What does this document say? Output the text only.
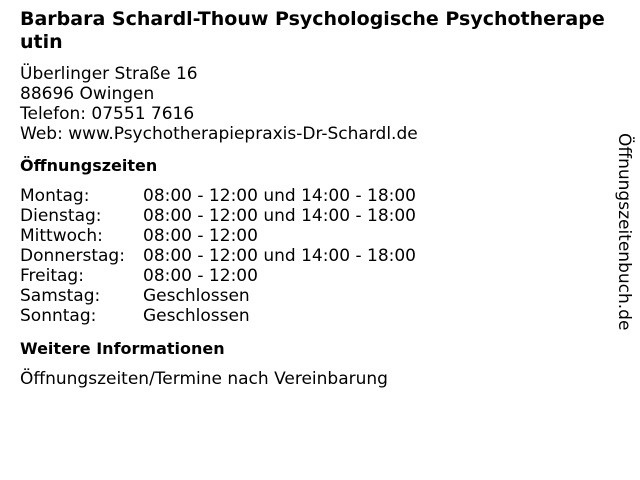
Barbara Schardl-Thouw Psychologische Psychotherapeutin
Überlinger Straße 16
88696 Owingen
Telefon: 07551 7616
Web: www.Psychotherapiepraxis-Dr-Schardl.de
Öffnungszeiten
Montag:	08:00 - 12:00 und 14:00 - 18:00
Dienstag:	08:00 - 12:00 und 14:00 - 18:00
Mittwoch:	08:00 - 12:00
Donnerstag:	08:00 - 12:00 und 14:00 - 18:00
Freitag:	08:00 - 12:00
Samstag:	Geschlossen
Sonntag:	Geschlossen
Weitere Informationen
Öffnungszeiten/Termine nach Vereinbarung
Öffnungszeitenbuch.de
